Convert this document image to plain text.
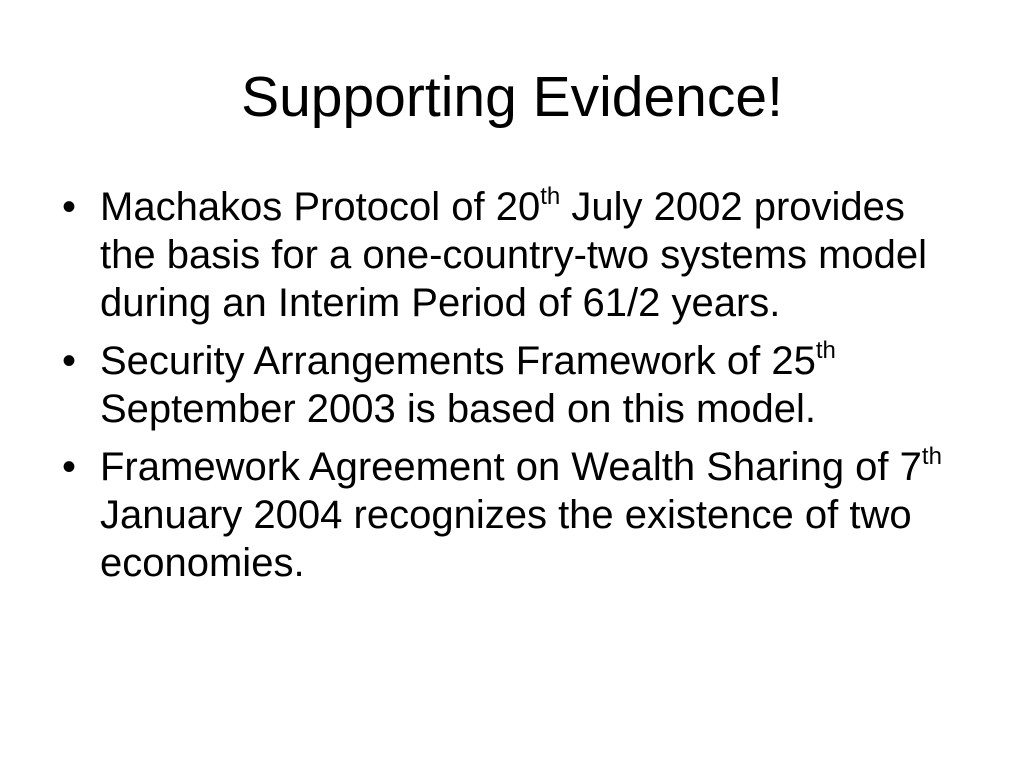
Supporting Evidence!
• Machakos Protocol of 20th July 2002 provides the basis for a one-country-two systems model during an Interim Period of 61/2 years.
• Security Arrangements Framework of 25th September 2003 is based on this model.
• Framework Agreement on Wealth Sharing of 7th January 2004 recognizes the existence of two economies.
